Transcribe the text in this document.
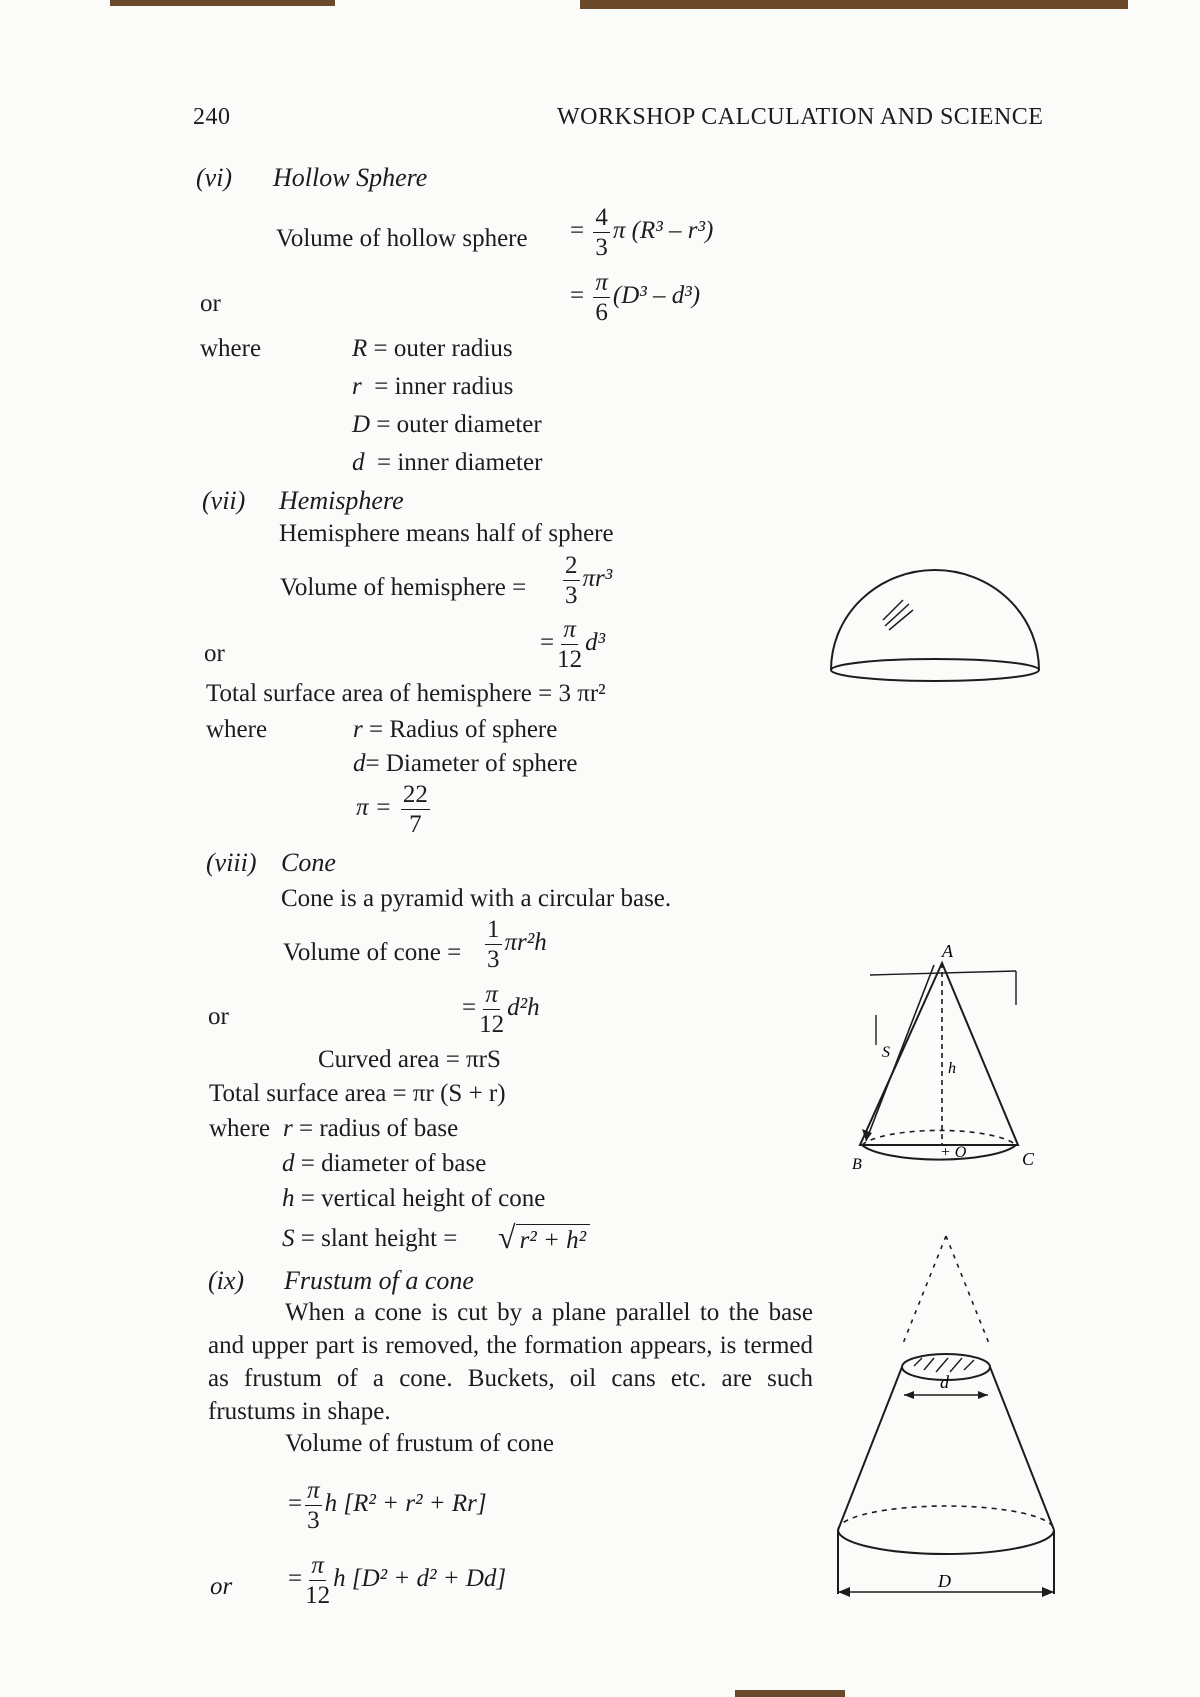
240	WORKSHOP CALCULATION AND SCIENCE
(vi) Hollow Sphere
Volume of hollow sphere = $\frac{4}{3}$ π (R³ – r³)
or	= $\frac{\pi}{6} (D^3 - d^3)$
where	R = outer radius
r = inner radius
D = outer diameter
d = inner diameter
(vii) Hemisphere
Hemisphere means half of sphere
Volume of hemisphere = $\frac{2}{3} \pi r^3$
or	= $\frac{\pi}{12} d^3$
Total surface area of hemisphere = 3 πr²
where	r = Radius of sphere
d= Diameter of sphere
$\pi = \frac{22}{7}$
(viii) Cone
Cone is a pyramid with a circular base.
Volume of cone = $\frac{1}{3} \pi r^2h$
or	= $\frac{\pi}{12} d^2h$
Curved area = πrS
Total surface area = πr (S + r)
where r = radius of base
d = diameter of base
h = vertical height of cone
S = slant height = √ r² + h²
A
B	C
+ O
S
h
(ix) Frustum of a cone
When a cone is cut by a plane parallel to the base and upper part is removed, the formation appears, is termed as frustum of a cone. Buckets, oil cans etc. are such frustums in shape.
Volume of frustum of cone
= $\frac{\pi}{3}$ h [R² + r² + Rr]
or = $\frac{\pi}{12}$ h [D² + d² + Dd]
d
D
